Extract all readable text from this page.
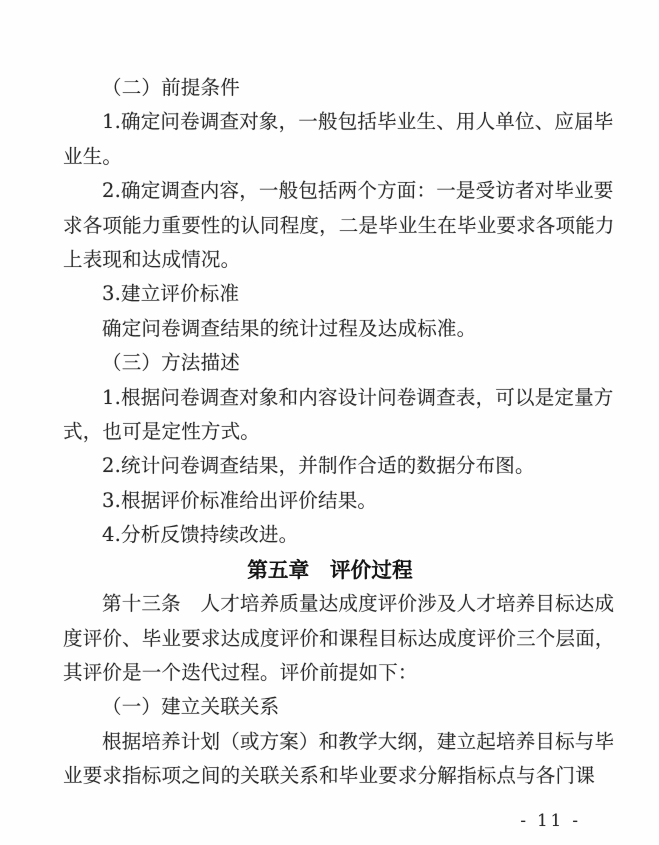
（二）前提条件
1.确定问卷调查对象，一般包括毕业生、用人单位、应届毕
业生。
2.确定调查内容，一般包括两个方面：一是受访者对毕业要
求各项能力重要性的认同程度，二是毕业生在毕业要求各项能力
上表现和达成情况。
3.建立评价标准
确定问卷调查结果的统计过程及达成标准。
（三）方法描述
1.根据问卷调查对象和内容设计问卷调查表，可以是定量方
式，也可是定性方式。
2.统计问卷调查结果，并制作合适的数据分布图。
3.根据评价标准给出评价结果。
4.分析反馈持续改进。
第五章　评价过程
第十三条　人才培养质量达成度评价涉及人才培养目标达成
度评价、毕业要求达成度评价和课程目标达成度评价三个层面，
其评价是一个迭代过程。评价前提如下：
（一）建立关联关系
根据培养计划（或方案）和教学大纲，建立起培养目标与毕
业要求指标项之间的关联关系和毕业要求分解指标点与各门课
- 11 -
